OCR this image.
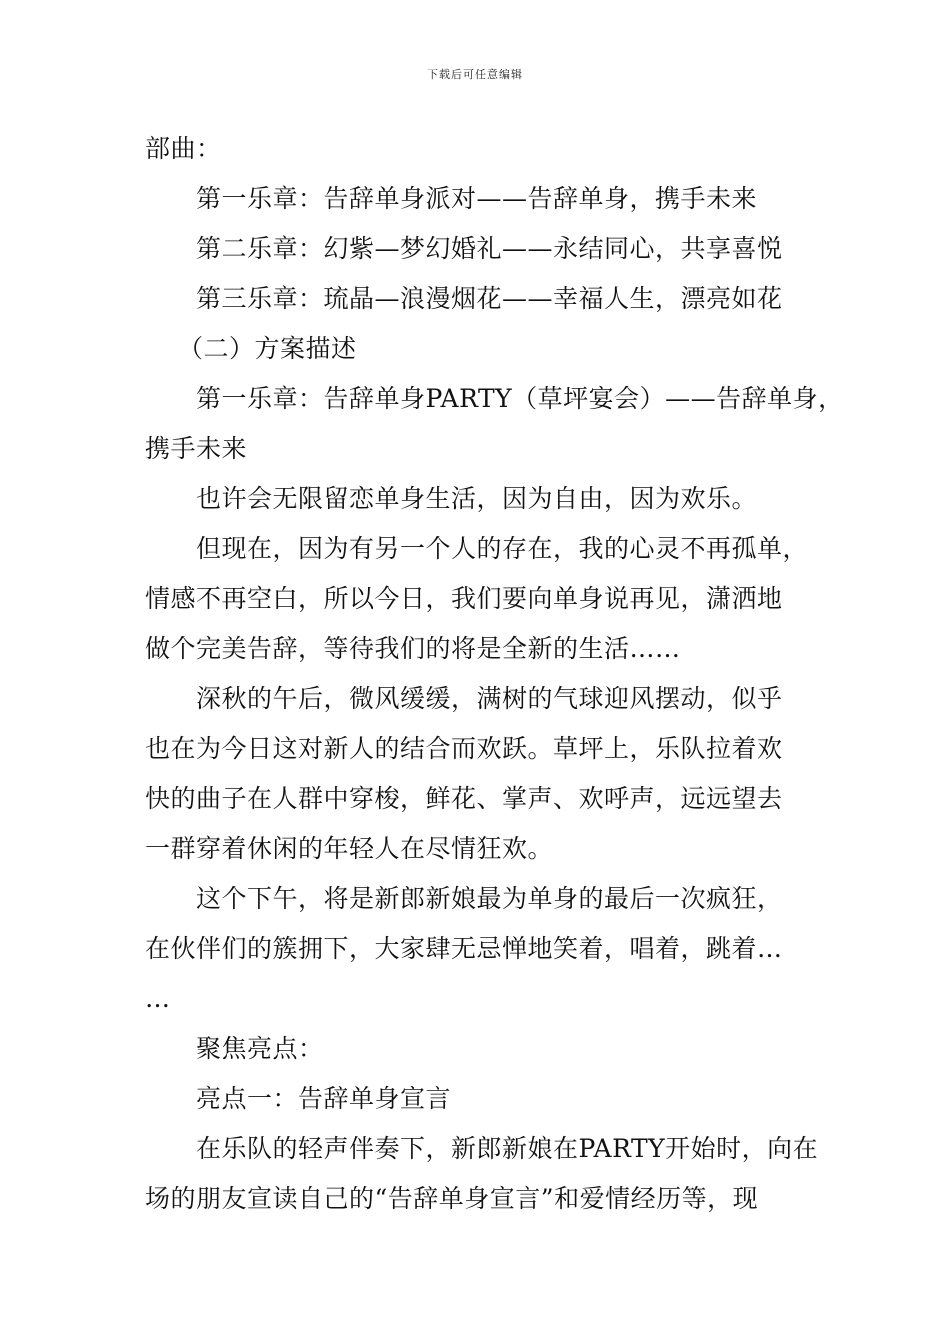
下载后可任意编辑
部曲：
第一乐章：告辞单身派对——告辞单身，携手未来
第二乐章：幻紫—梦幻婚礼——永结同心，共享喜悦
第三乐章：琉晶—浪漫烟花——幸福人生，漂亮如花
（二）方案描述
第一乐章：告辞单身PARTY（草坪宴会）——告辞单身，
携手未来
也许会无限留恋单身生活，因为自由，因为欢乐。
但现在，因为有另一个人的存在，我的心灵不再孤单，
情感不再空白，所以今日，我们要向单身说再见，潇洒地
做个完美告辞，等待我们的将是全新的生活……
深秋的午后，微风缓缓，满树的气球迎风摆动，似乎
也在为今日这对新人的结合而欢跃。草坪上，乐队拉着欢
快的曲子在人群中穿梭，鲜花、掌声、欢呼声，远远望去
一群穿着休闲的年轻人在尽情狂欢。
这个下午，将是新郎新娘最为单身的最后一次疯狂，
在伙伴们的簇拥下，大家肆无忌惮地笑着，唱着，跳着…
…
聚焦亮点：
亮点一：告辞单身宣言
在乐队的轻声伴奏下，新郎新娘在PARTY开始时，向在
场的朋友宣读自己的“告辞单身宣言”和爱情经历等，现
